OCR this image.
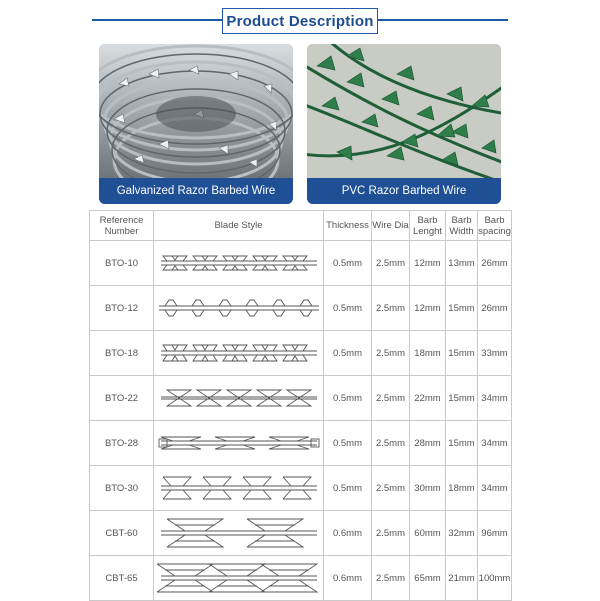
Product Description
Galvanized Razor Barbed Wire	PVC Razor Barbed Wire
Reference Number	Blade Style	Thickness	Wire Dia	Barb Lenght	Barb Width	Barb spacing
BTO-10		0.5mm	2.5mm	12mm	13mm	26mm
BTO-12		0.5mm	2.5mm	12mm	15mm	26mm
BTO-18		0.5mm	2.5mm	18mm	15mm	33mm
BTO-22		0.5mm	2.5mm	22mm	15mm	34mm
BTO-28		0.5mm	2.5mm	28mm	15mm	34mm
BTO-30		0.5mm	2.5mm	30mm	18mm	34mm
CBT-60		0.6mm	2.5mm	60mm	32mm	96mm
CBT-65		0.6mm	2.5mm	65mm	21mm	100mm
